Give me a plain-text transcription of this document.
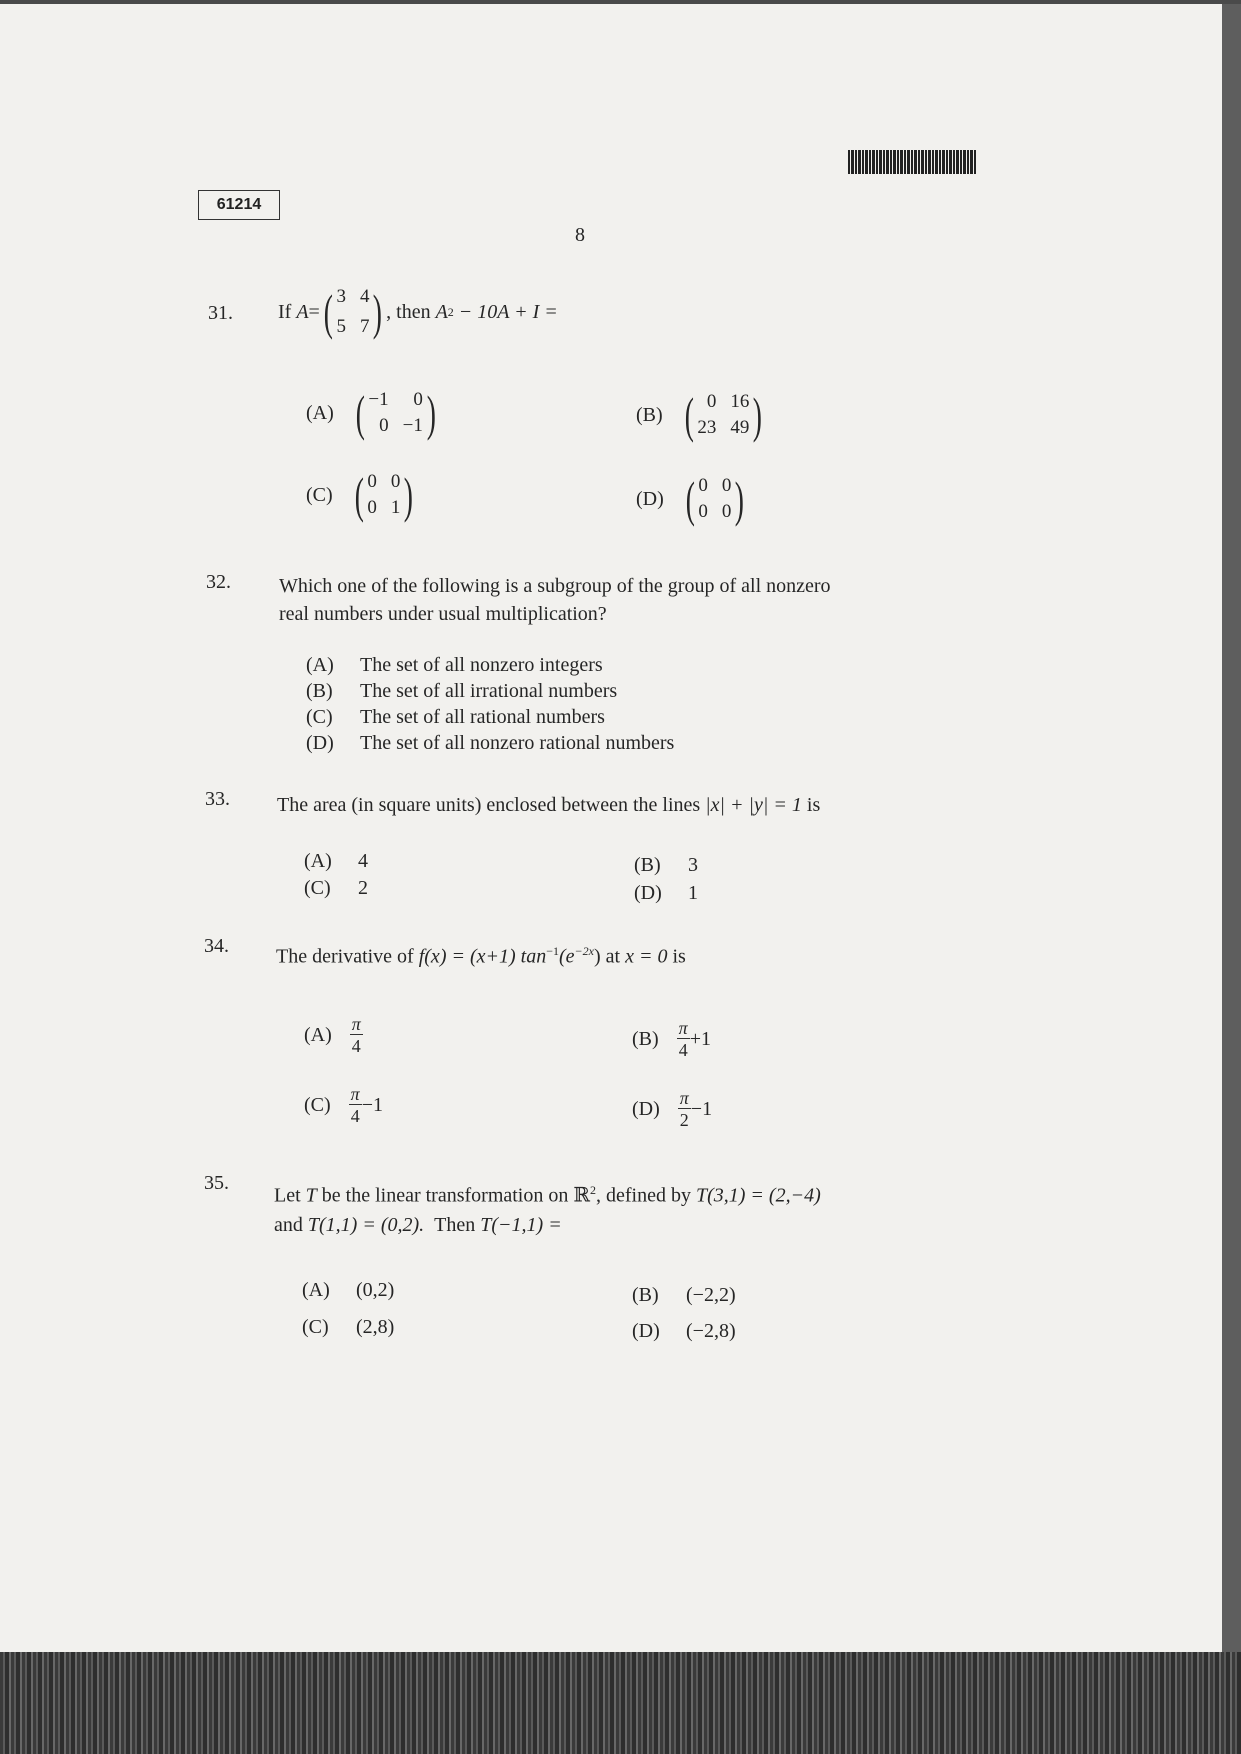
61214
8
31. If
A = ( 3 4
5 7 ) , then
A 2
− 10A + I =
(A) ( −1	0
0 −1 )	(B) ( 0 16
23 49 )
(C) ( 0 0
0 1 )	(D) ( 0 0
0 0 )
32. Which one of the following is a subgroup of the group of all nonzero
real numbers under usual multiplication?
(A)	The set of all nonzero integers
(B)	The set of all irrational numbers
(C)	The set of all rational numbers
(D)	The set of all nonzero rational numbers
33. The area (in square units) enclosed between the lines |x| + |y| = 1 is
(A)	4	(B)	3
(C)	2	(D)	1
34. The derivative of f(x) = (x+1) $\tan^{-1}(e^{-2x})$ at x = 0 is
$(A) \frac{\pi}{4}$	$(B) \frac{\pi}{4} +1$
$(C) \frac{\pi}{4} -1$	$(D) \frac{\pi}{2} -1$
35.
Let T be the linear transformation on ℝ$^2$, defined by T(3,1) = (2,−4)
and T(1,1) = (0,2). Then T(−1,1) =
(A)	(0,2)	(B)	(−2,2)
(C)	(2,8)	(D)	(−2,8)
